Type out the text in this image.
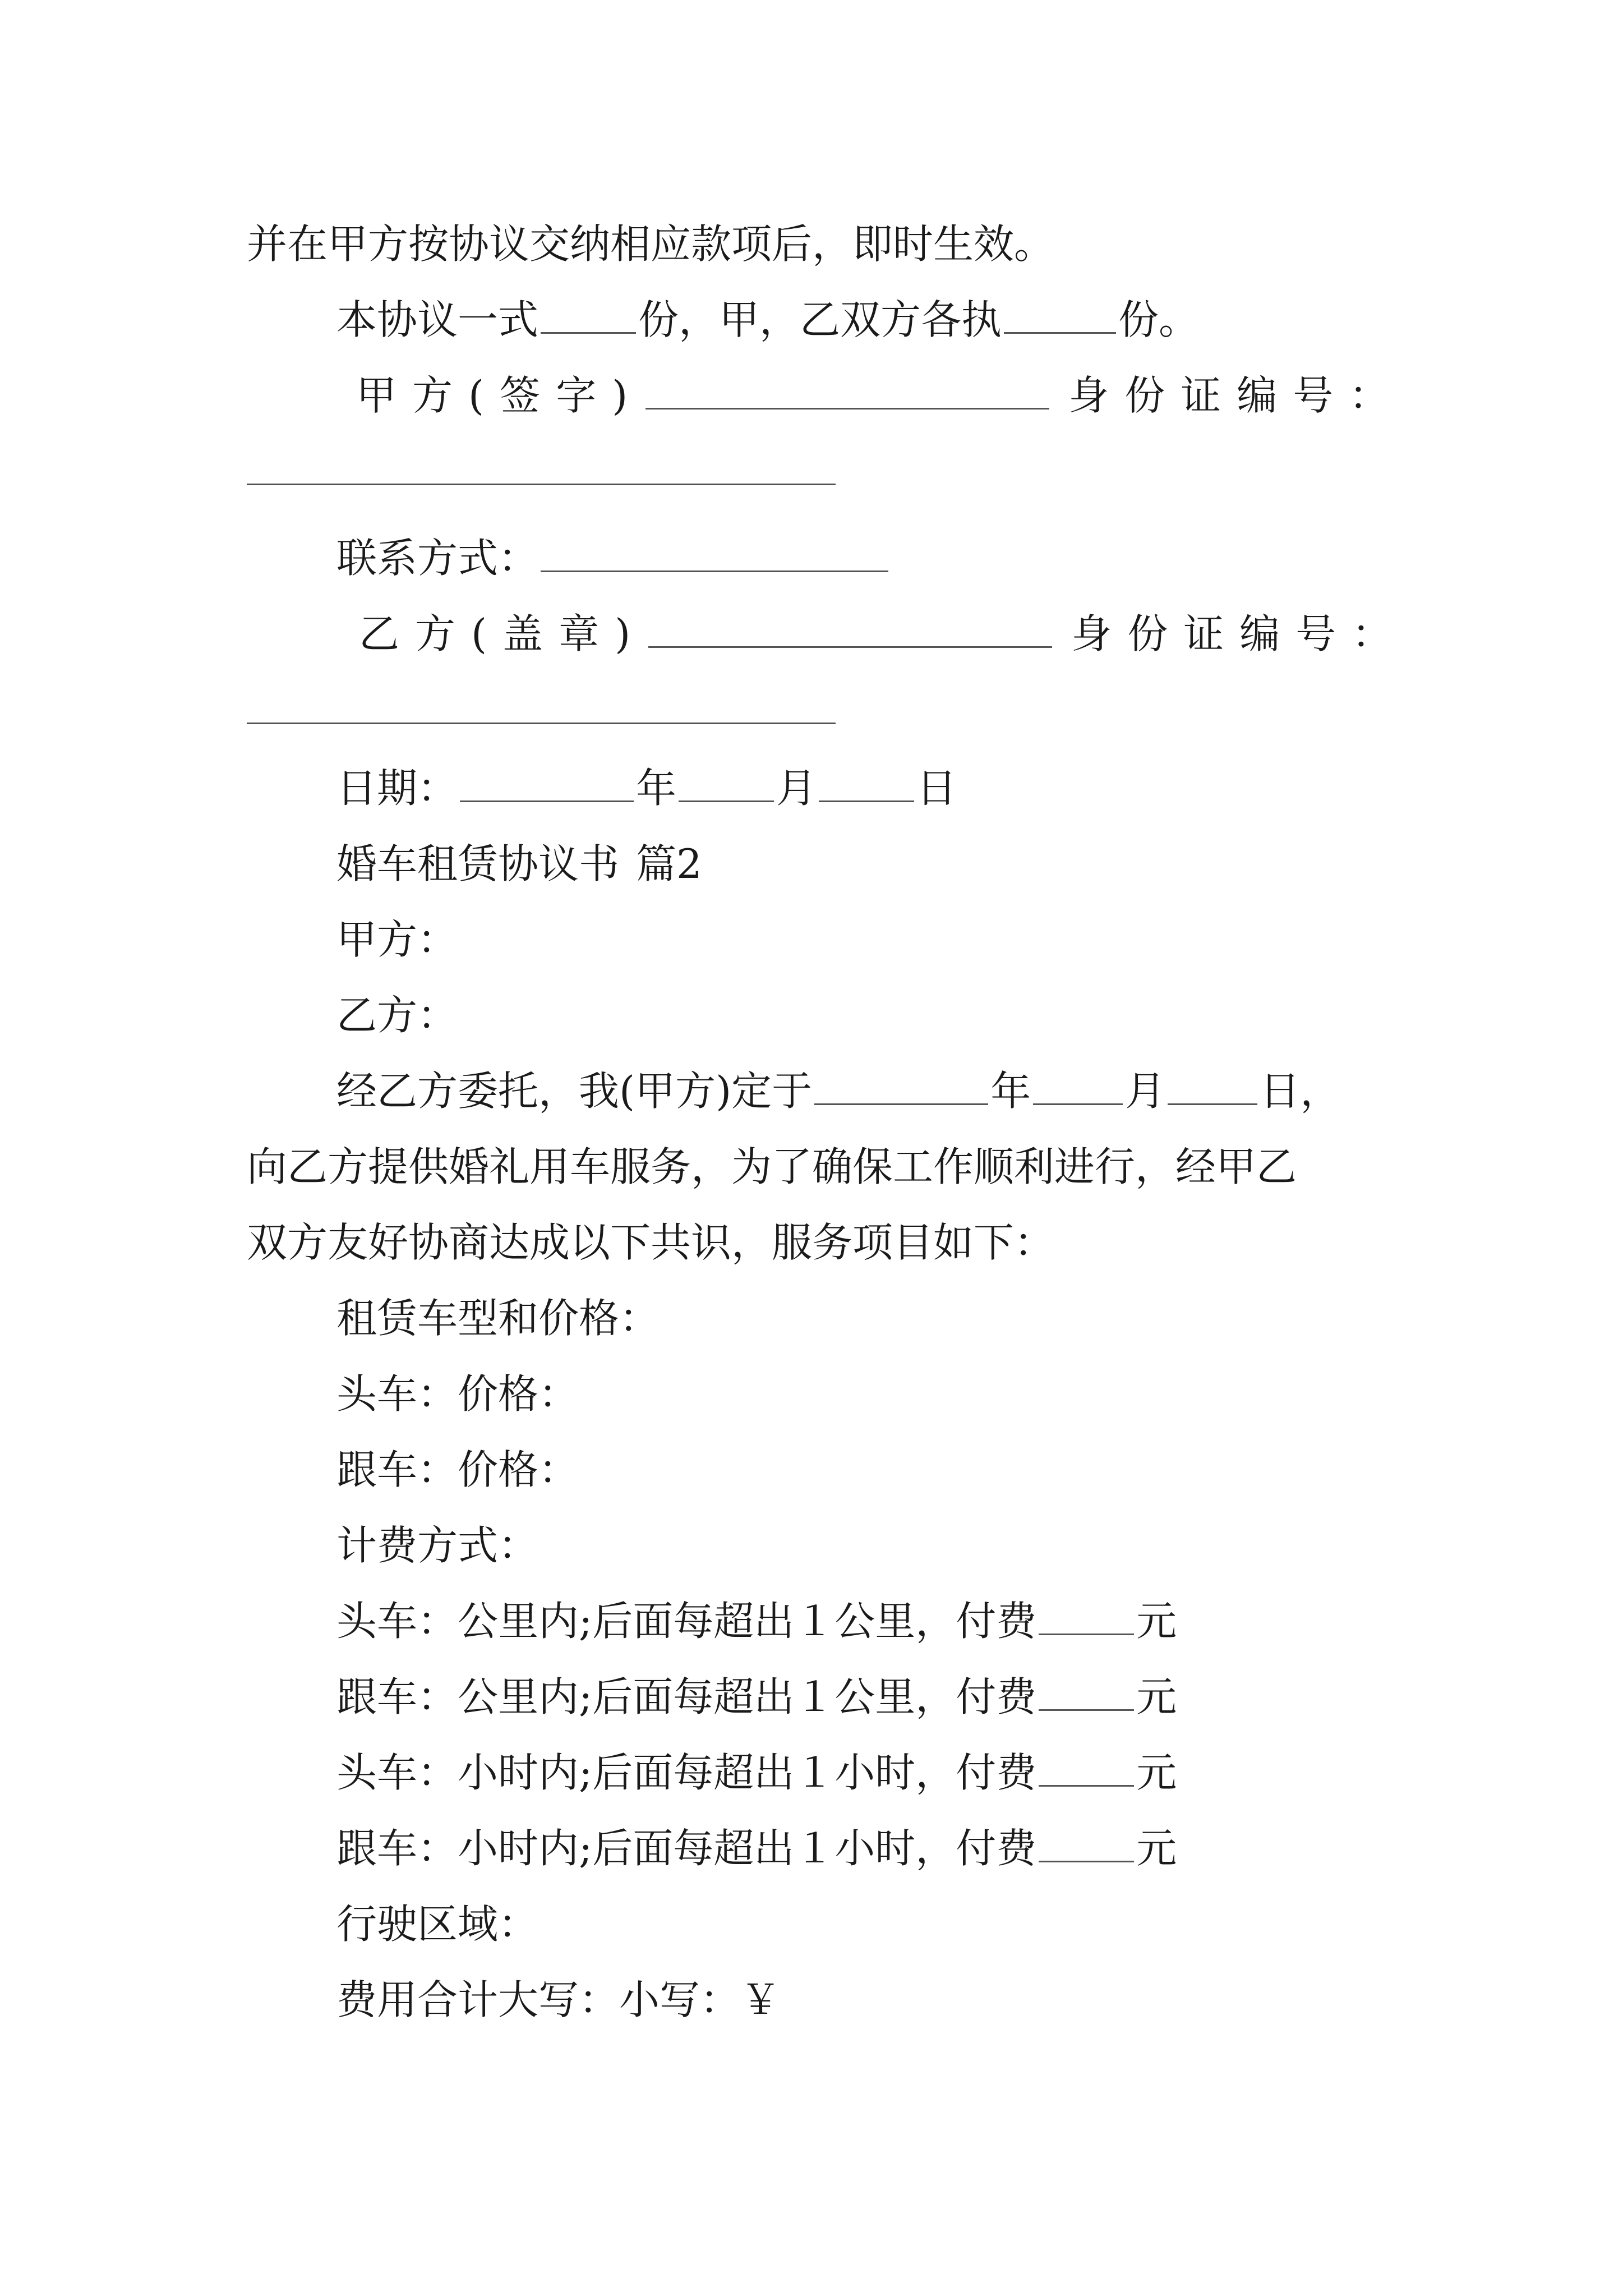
并在甲方按协议交纳相应款项后，即时生效。
本协议一式 份，甲，乙双方各执	份。
甲方(签字)	身份证编号：
联系方式：
乙方(盖章)	身份证编号：
日期：	年 月 日
婚车租赁协议书 篇2
甲方：
乙方：
经乙方委托，我(甲方)定于	年 月 日，
向乙方提供婚礼用车服务，为了确保工作顺利进行，经甲乙
双方友好协商达成以下共识，服务项目如下：
租赁车型和价格：
头车：价格：
跟车：价格：
计费方式：
头车：公里内;后面每超出１公里，付费 元
跟车：公里内;后面每超出１公里，付费 元
头车：小时内;后面每超出１小时，付费 元
跟车：小时内;后面每超出１小时，付费 元
行驶区域：
费用合计大写：小写：￥
